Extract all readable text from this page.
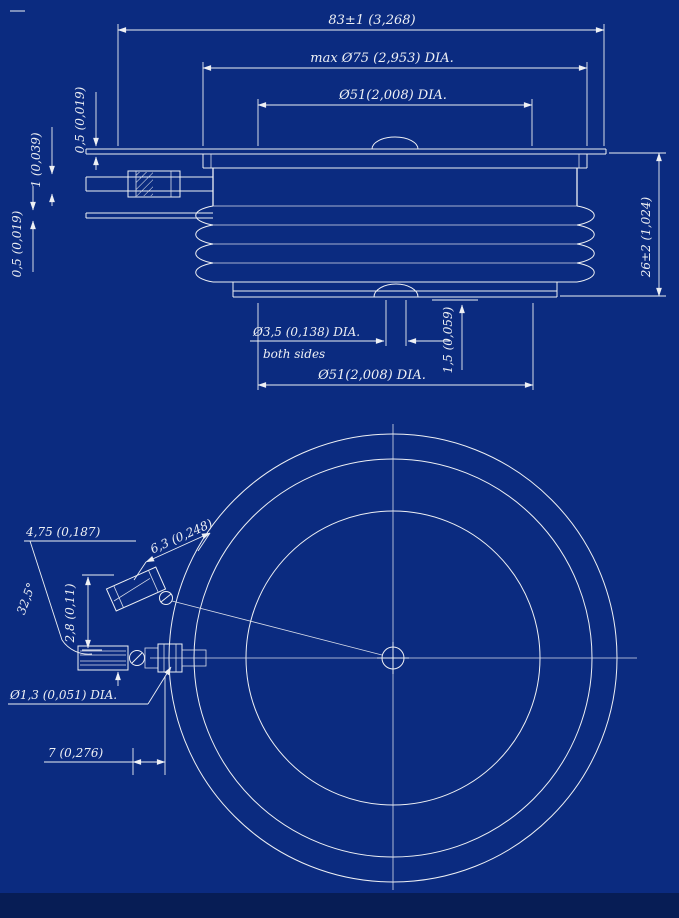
83±1 (3,268)
max Ø75 (2,953) DIA.
Ø51(2,008) DIA.
0,5 (0,019)
1 (0,039)
0,5 (0,019)	26±2 (1,024)
Ø3,5 (0,138) DIA.
both sides	1,5 (0,059)
Ø51(2,008) DIA.
4,75 (0,187)	6,3 (0,248)
32,5° 2,8 (0,11)
Ø1,3 (0,051) DIA.
7 (0,276)
